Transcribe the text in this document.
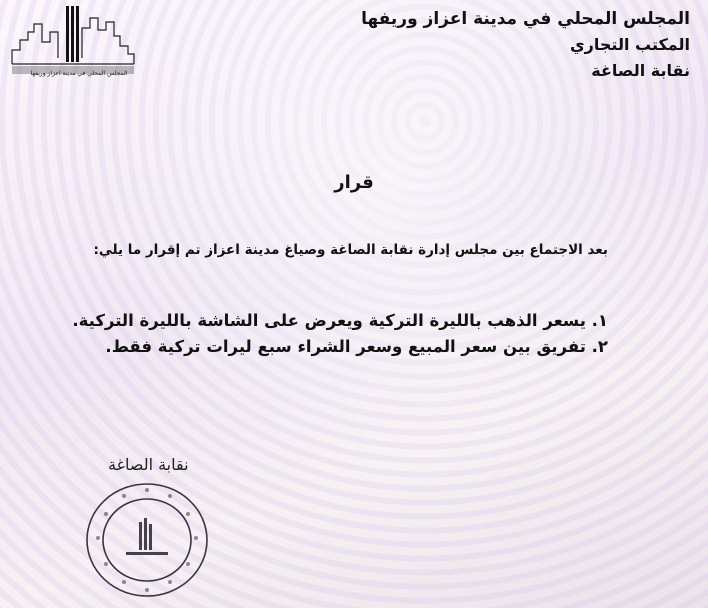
المجلس المحلي في مدينة اعزاز وريفها
المجلس المحلي في مدينة اعزاز وريفها
المكتب التجاري
نقابة الصاغة
قرار
بعد الاجتماع بين مجلس إدارة نقابة الصاغة وصياغ مدينة اعزاز تم إقرار ما يلي:
١. يسعر الذهب بالليرة التركية ويعرض على الشاشة بالليرة التركية.
٢. تفريق بين سعر المبيع وسعر الشراء سبع ليرات تركية فقط.
نقابة الصاغة
